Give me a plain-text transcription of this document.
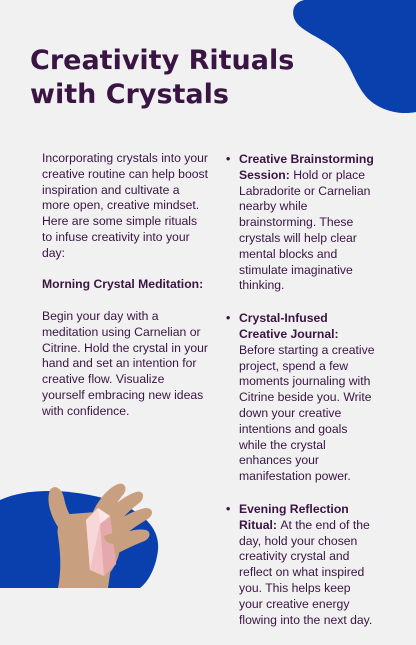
Creativity Rituals
with Crystals

Incorporating crystals into your creative routine can help boost inspiration and cultivate a more open, creative mindset. Here are some simple rituals to infuse creativity into your day:

Morning Crystal Meditation:

Begin your day with a meditation using Carnelian or Citrine. Hold the crystal in your hand and set an intention for creative flow. Visualize yourself embracing new ideas with confidence.

• Creative Brainstorming Session: Hold or place Labradorite or Carnelian nearby while brainstorming. These crystals will help clear mental blocks and stimulate imaginative thinking.
• Crystal-Infused Creative Journal: Before starting a creative project, spend a few moments journaling with Citrine beside you. Write down your creative intentions and goals while the crystal enhances your manifestation power.
• Evening Reflection Ritual: At the end of the day, hold your chosen creativity crystal and reflect on what inspired you. This helps keep your creative energy flowing into the next day.
